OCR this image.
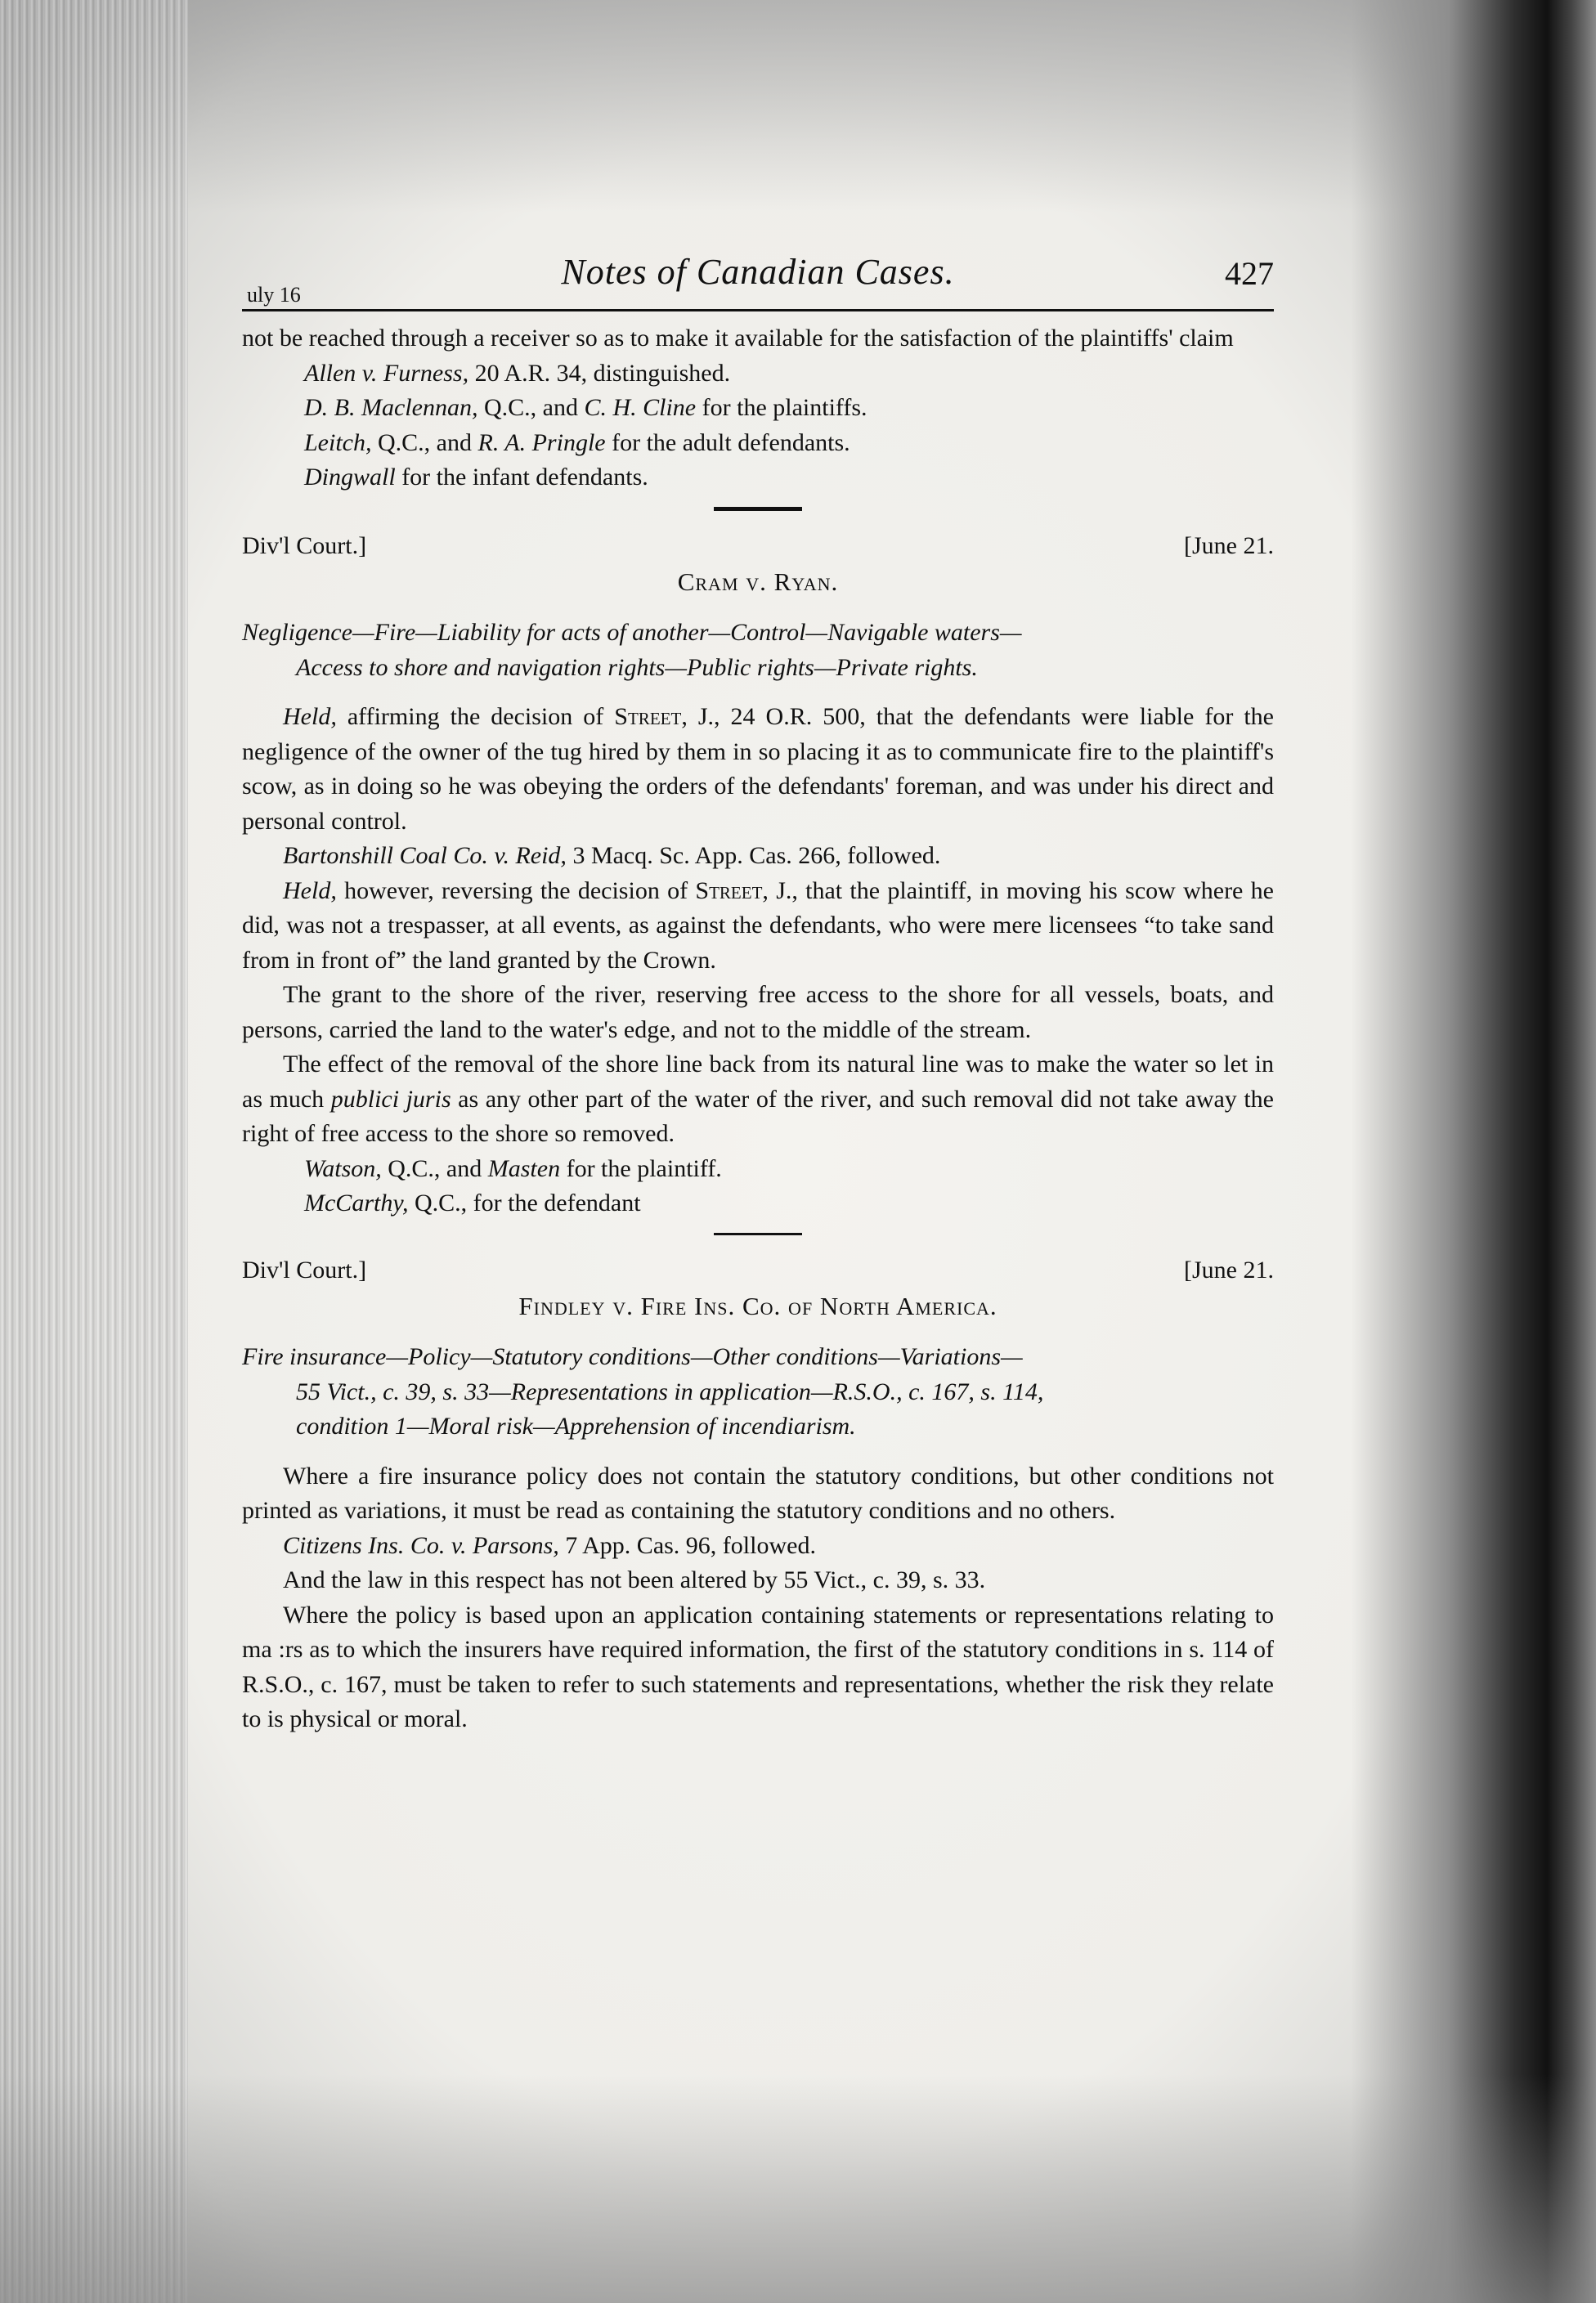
uly 16
Notes of Canadian Cases.	427

not be reached through a receiver so as to make it available for the satisfaction of the plaintiffs' claim

Allen v. Furness, 20 A.R. 34, distinguished.

D. B. Maclennan, Q.C., and C. H. Cline for the plaintiffs.

Leitch, Q.C., and R. A. Pringle for the adult defendants.

Dingwall for the infant defendants.

Div'l Court.]	[June 21.
Cram v. Ryan.

Negligence—Fire—Liability for acts of another—Control—Navigable waters—

Access to shore and navigation rights—Public rights—Private rights.

Held, affirming the decision of Street, J., 24 O.R. 500, that the defendants were liable for the negligence of the owner of the tug hired by them in so placing it as to communicate fire to the plaintiff's scow, as in doing so he was obeying the orders of the defendants' foreman, and was under his direct and personal control.

Bartonshill Coal Co. v. Reid, 3 Macq. Sc. App. Cas. 266, followed.

Held, however, reversing the decision of Street, J., that the plaintiff, in moving his scow where he did, was not a trespasser, at all events, as against the defendants, who were mere licensees “to take sand from in front of” the land granted by the Crown.

The grant to the shore of the river, reserving free access to the shore for all vessels, boats, and persons, carried the land to the water's edge, and not to the middle of the stream.

The effect of the removal of the shore line back from its natural line was to make the water so let in as much publici juris as any other part of the water of the river, and such removal did not take away the right of free access to the shore so removed.

Watson, Q.C., and Masten for the plaintiff.

McCarthy, Q.C., for the defendant

Div'l Court.]	[June 21.
Findley v. Fire Ins. Co. of North America.

Fire insurance—Policy—Statutory conditions—Other conditions—Variations—

55 Vict., c. 39, s. 33—Representations in application—R.S.O., c. 167, s. 114,

condition 1—Moral risk—Apprehension of incendiarism.

Where a fire insurance policy does not contain the statutory conditions, but other conditions not printed as variations, it must be read as containing the statutory conditions and no others.

Citizens Ins. Co. v. Parsons, 7 App. Cas. 96, followed.

And the law in this respect has not been altered by 55 Vict., c. 39, s. 33.

Where the policy is based upon an application containing statements or representations relating to ma :rs as to which the insurers have required information, the first of the statutory conditions in s. 114 of R.S.O., c. 167, must be taken to refer to such statements and representations, whether the risk they relate to is physical or moral.
